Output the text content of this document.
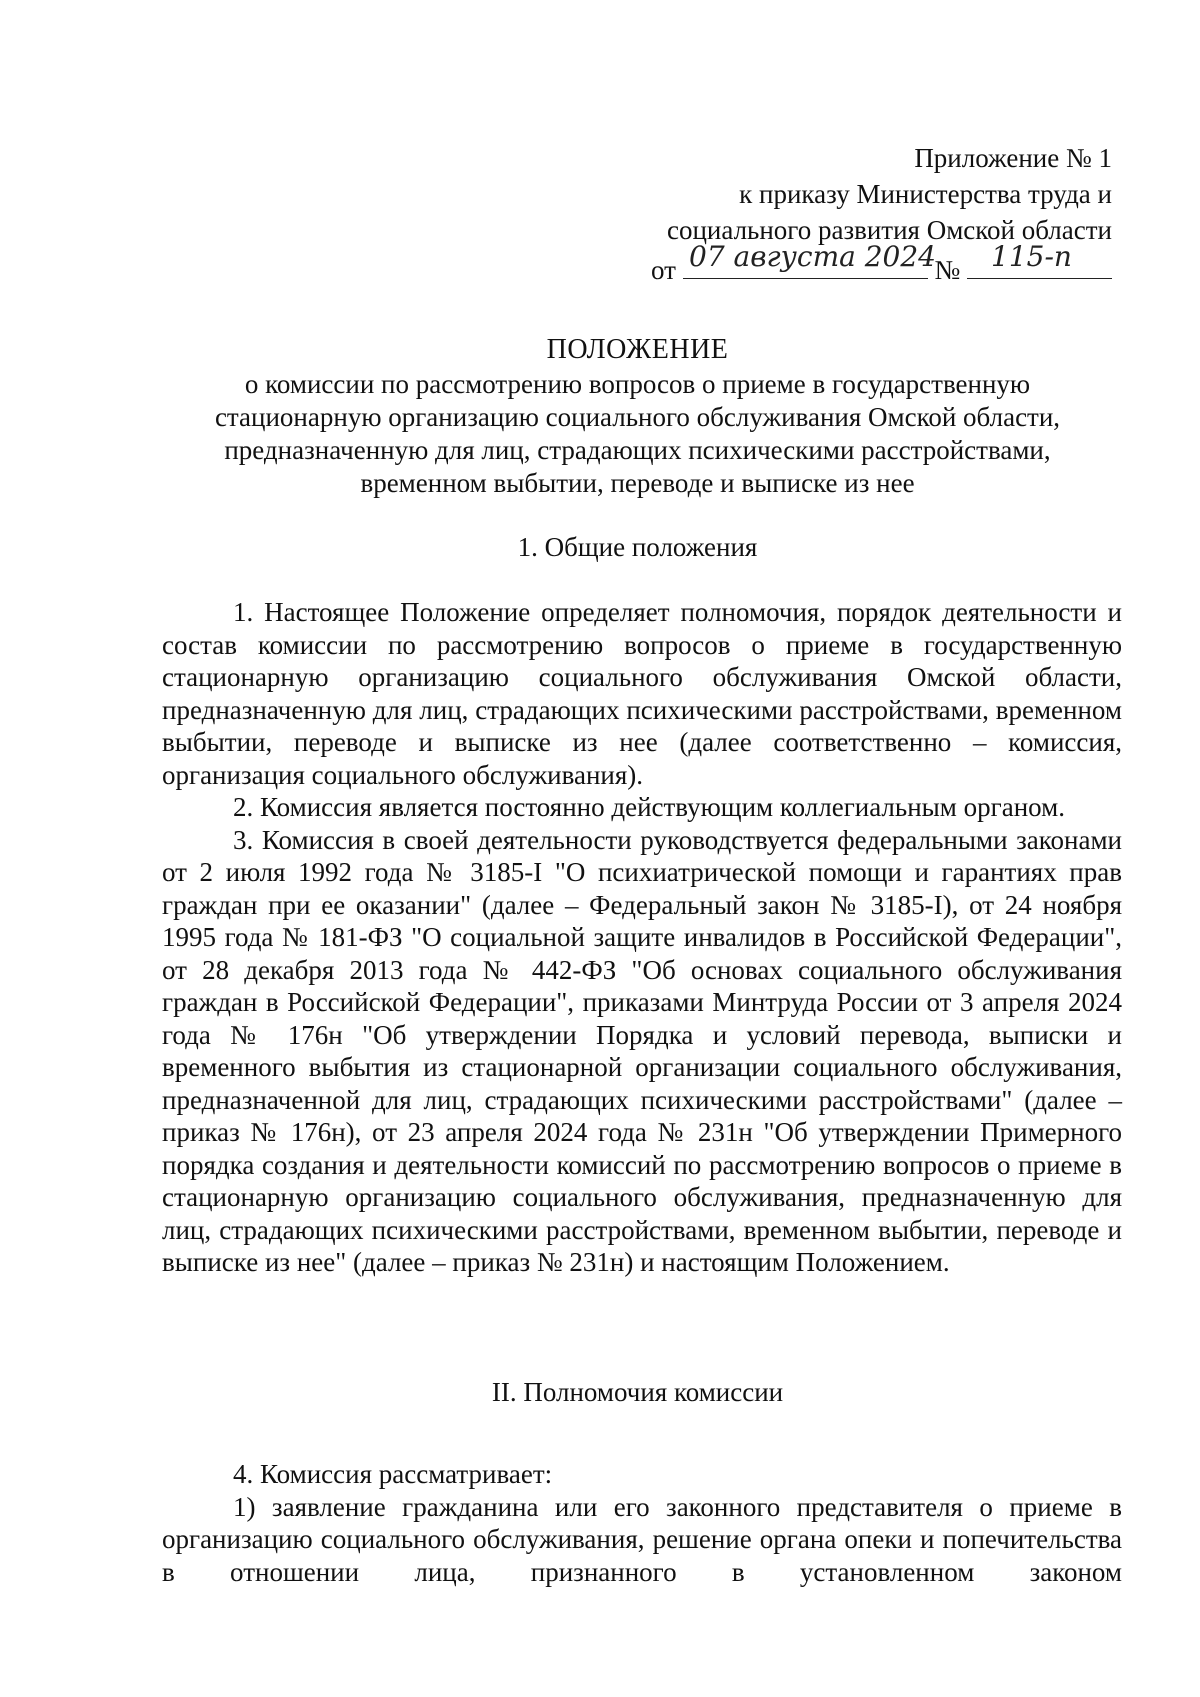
Приложение № 1
к приказу Министерства труда и
социального развития Омской области
от 07 августа 2024
№ 115-п
ПОЛОЖЕНИЕ
о комиссии по рассмотрению вопросов о приеме в государственную
стационарную организацию социального обслуживания Омской области,
предназначенную для лиц, страдающих психическими расстройствами,
временном выбытии, переводе и выписке из нее
1. Общие положения

1. Настоящее Положение определяет полномочия, порядок деятельности и состав комиссии по рассмотрению вопросов о приеме в государственную стационарную организацию социального обслуживания Омской области, предназначенную для лиц, страдающих психическими расстройствами, временном выбытии, переводе и выписке из нее (далее соответственно – комиссия, организация социального обслуживания).

2. Комиссия является постоянно действующим коллегиальным органом.

3. Комиссия в своей деятельности руководствуется федеральными законами от 2 июля 1992 года № 3185-I "О психиатрической помощи и гарантиях прав граждан при ее оказании" (далее – Федеральный закон № 3185-I), от 24 ноября 1995 года № 181-ФЗ "О социальной защите инвалидов в Российской Федерации", от 28 декабря 2013 года № 442-ФЗ "Об основах социального обслуживания граждан в Российской Федерации", приказами Минтруда России от 3 апреля 2024 года № 176н "Об утверждении Порядка и условий перевода, выписки и временного выбытия из стационарной организации социального обслуживания, предназначенной для лиц, страдающих психическими расстройствами" (далее – приказ № 176н), от 23 апреля 2024 года № 231н "Об утверждении Примерного порядка создания и деятельности комиссий по рассмотрению вопросов о приеме в стационарную организацию социального обслуживания, предназначенную для лиц, страдающих психическими расстройствами, временном выбытии, переводе и выписке из нее" (далее – приказ № 231н) и настоящим Положением.

II. Полномочия комиссии

4. Комиссия рассматривает:

1) заявление гражданина или его законного представителя о приеме в организацию социального обслуживания, решение органа опеки и попечительства в отношении лица, признанного в установленном законом
